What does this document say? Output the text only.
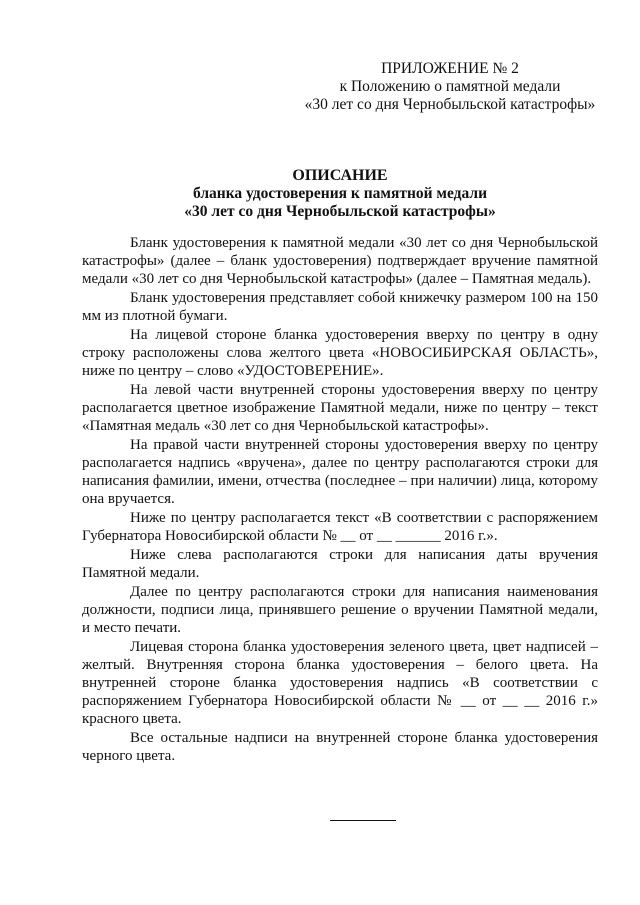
ПРИЛОЖЕНИЕ № 2
к Положению о памятной медали
«30 лет со дня Чернобыльской катастрофы»
ОПИСАНИЕ
бланка удостоверения к памятной медали
«30 лет со дня Чернобыльской катастрофы»

Бланк удостоверения к памятной медали «30 лет со дня Чернобыльской катастрофы» (далее – бланк удостоверения) подтверждает вручение памятной медали «30 лет со дня Чернобыльской катастрофы» (далее – Памятная медаль).

Бланк удостоверения представляет собой книжечку размером 100 на 150 мм из плотной бумаги.

На лицевой стороне бланка удостоверения вверху по центру в одну строку расположены слова желтого цвета «НОВОСИБИРСКАЯ ОБЛАСТЬ», ниже по центру – слово «УДОСТОВЕРЕНИЕ».

На левой части внутренней стороны удостоверения вверху по центру располагается цветное изображение Памятной медали, ниже по центру – текст «Памятная медаль «30 лет со дня Чернобыльской катастрофы».

На правой части внутренней стороны удостоверения вверху по центру располагается надпись «вручена», далее по центру располагаются строки для написания фамилии, имени, отчества (последнее – при наличии) лица, которому она вручается.

Ниже по центру располагается текст «В соответствии с распоряжением Губернатора Новосибирской области № __ от __ ______ 2016 г.».

Ниже слева располагаются строки для написания даты вручения Памятной медали.

Далее по центру располагаются строки для написания наименования должности, подписи лица, принявшего решение о вручении Памятной медали, и место печати.

Лицевая сторона бланка удостоверения зеленого цвета, цвет надписей – желтый. Внутренняя сторона бланка удостоверения – белого цвета. На внутренней стороне бланка удостоверения надпись «В соответствии с распоряжением Губернатора Новосибирской области № __ от __ __ 2016 г.» красного цвета.

Все остальные надписи на внутренней стороне бланка удостоверения черного цвета.
